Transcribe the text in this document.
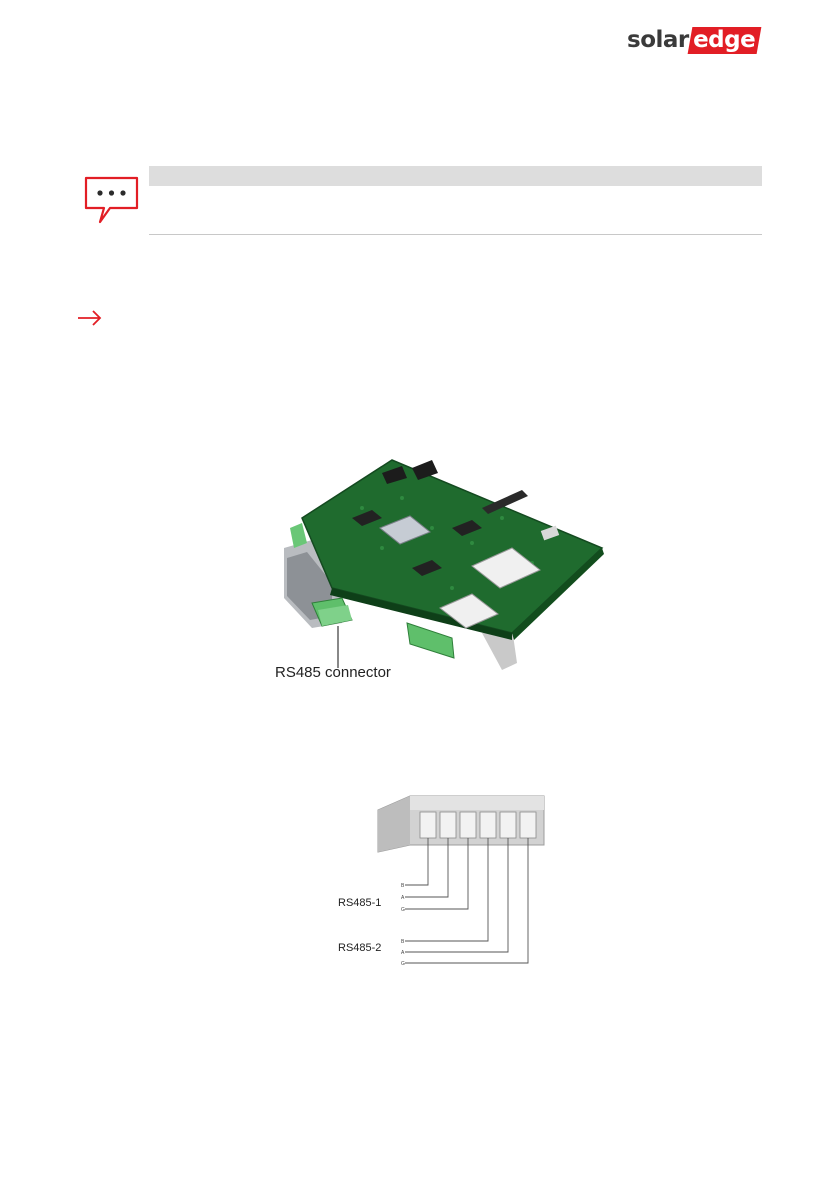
solar edge
RS485 connector
RS485-1
RS485-2
B
A
G
B
A
G
